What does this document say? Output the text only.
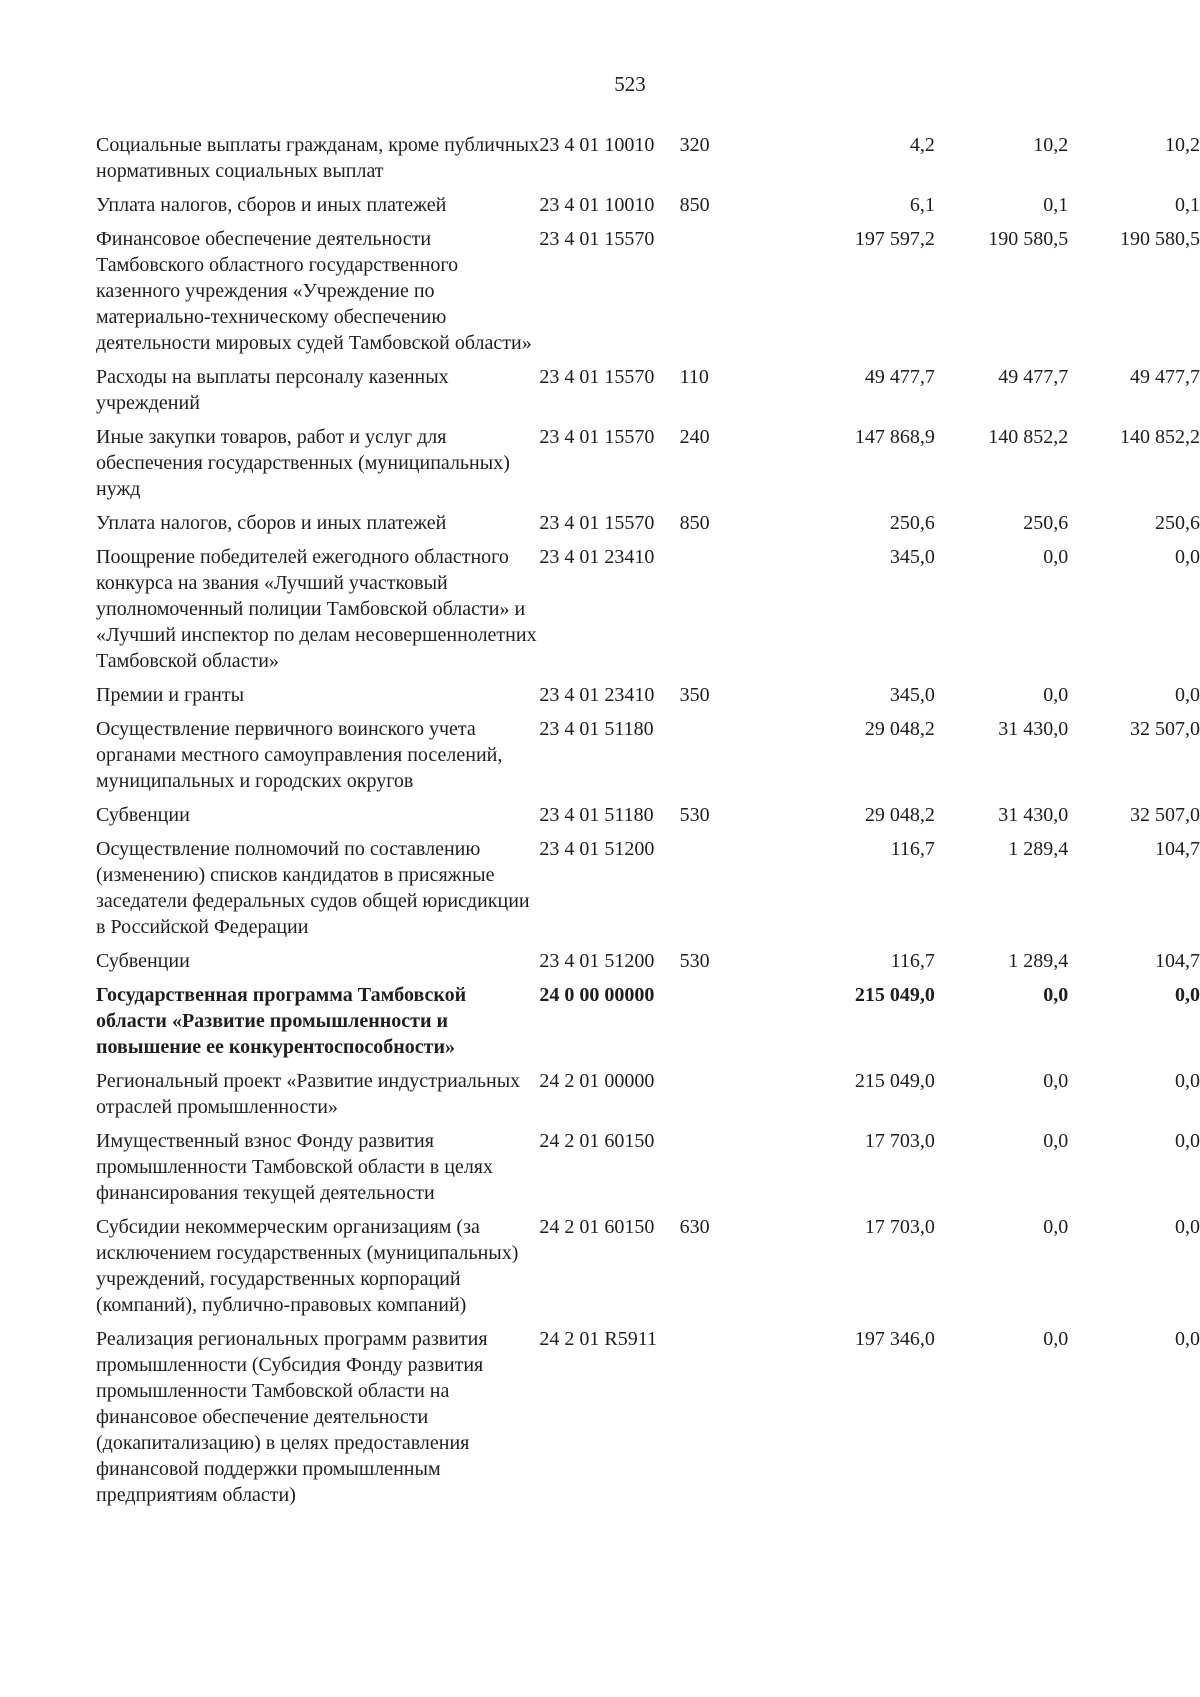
523
Социальные выплаты гражданам, кроме публичных нормативных социальных выплат	23 4 01 10010	320	4,2	10,2	10,2
Уплата налогов, сборов и иных платежей	23 4 01 10010	850	6,1	0,1	0,1
Финансовое обеспечение деятельности Тамбовского областного государственного казенного учреждения «Учреждение по материально-техническому обеспечению деятельности мировых судей Тамбовской области»	23 4 01 15570		197 597,2	190 580,5	190 580,5
Расходы на выплаты персоналу казенных учреждений	23 4 01 15570	110	49 477,7	49 477,7	49 477,7
Иные закупки товаров, работ и услуг для обеспечения государственных (муниципальных) нужд	23 4 01 15570	240	147 868,9	140 852,2	140 852,2
Уплата налогов, сборов и иных платежей	23 4 01 15570	850	250,6	250,6	250,6
Поощрение победителей ежегодного областного конкурса на звания «Лучший участковый уполномоченный полиции Тамбовской области» и «Лучший инспектор по делам несовершеннолетних Тамбовской области»	23 4 01 23410		345,0	0,0	0,0
Премии и гранты	23 4 01 23410	350	345,0	0,0	0,0
Осуществление первичного воинского учета органами местного самоуправления поселений, муниципальных и городских округов	23 4 01 51180		29 048,2	31 430,0	32 507,0
Субвенции	23 4 01 51180	530	29 048,2	31 430,0	32 507,0
Осуществление полномочий по составлению (изменению) списков кандидатов в присяжные заседатели федеральных судов общей юрисдикции в Российской Федерации	23 4 01 51200		116,7	1 289,4	104,7
Субвенции	23 4 01 51200	530	116,7	1 289,4	104,7
Государственная программа Тамбовской области «Развитие промышленности и повышение ее конкурентоспособности»	24 0 00 00000		215 049,0	0,0	0,0
Региональный проект «Развитие индустриальных отраслей промышленности»	24 2 01 00000		215 049,0	0,0	0,0
Имущественный взнос Фонду развития промышленности Тамбовской области в целях финансирования текущей деятельности	24 2 01 60150		17 703,0	0,0	0,0
Субсидии некоммерческим организациям (за исключением государственных (муниципальных) учреждений, государственных корпораций (компаний), публично-правовых компаний)	24 2 01 60150	630	17 703,0	0,0	0,0
Реализация региональных программ развития промышленности (Субсидия Фонду развития промышленности Тамбовской области на финансовое обеспечение деятельности (докапитализацию) в целях предоставления финансовой поддержки промышленным предприятиям области)	24 2 01 R5911		197 346,0	0,0	0,0
